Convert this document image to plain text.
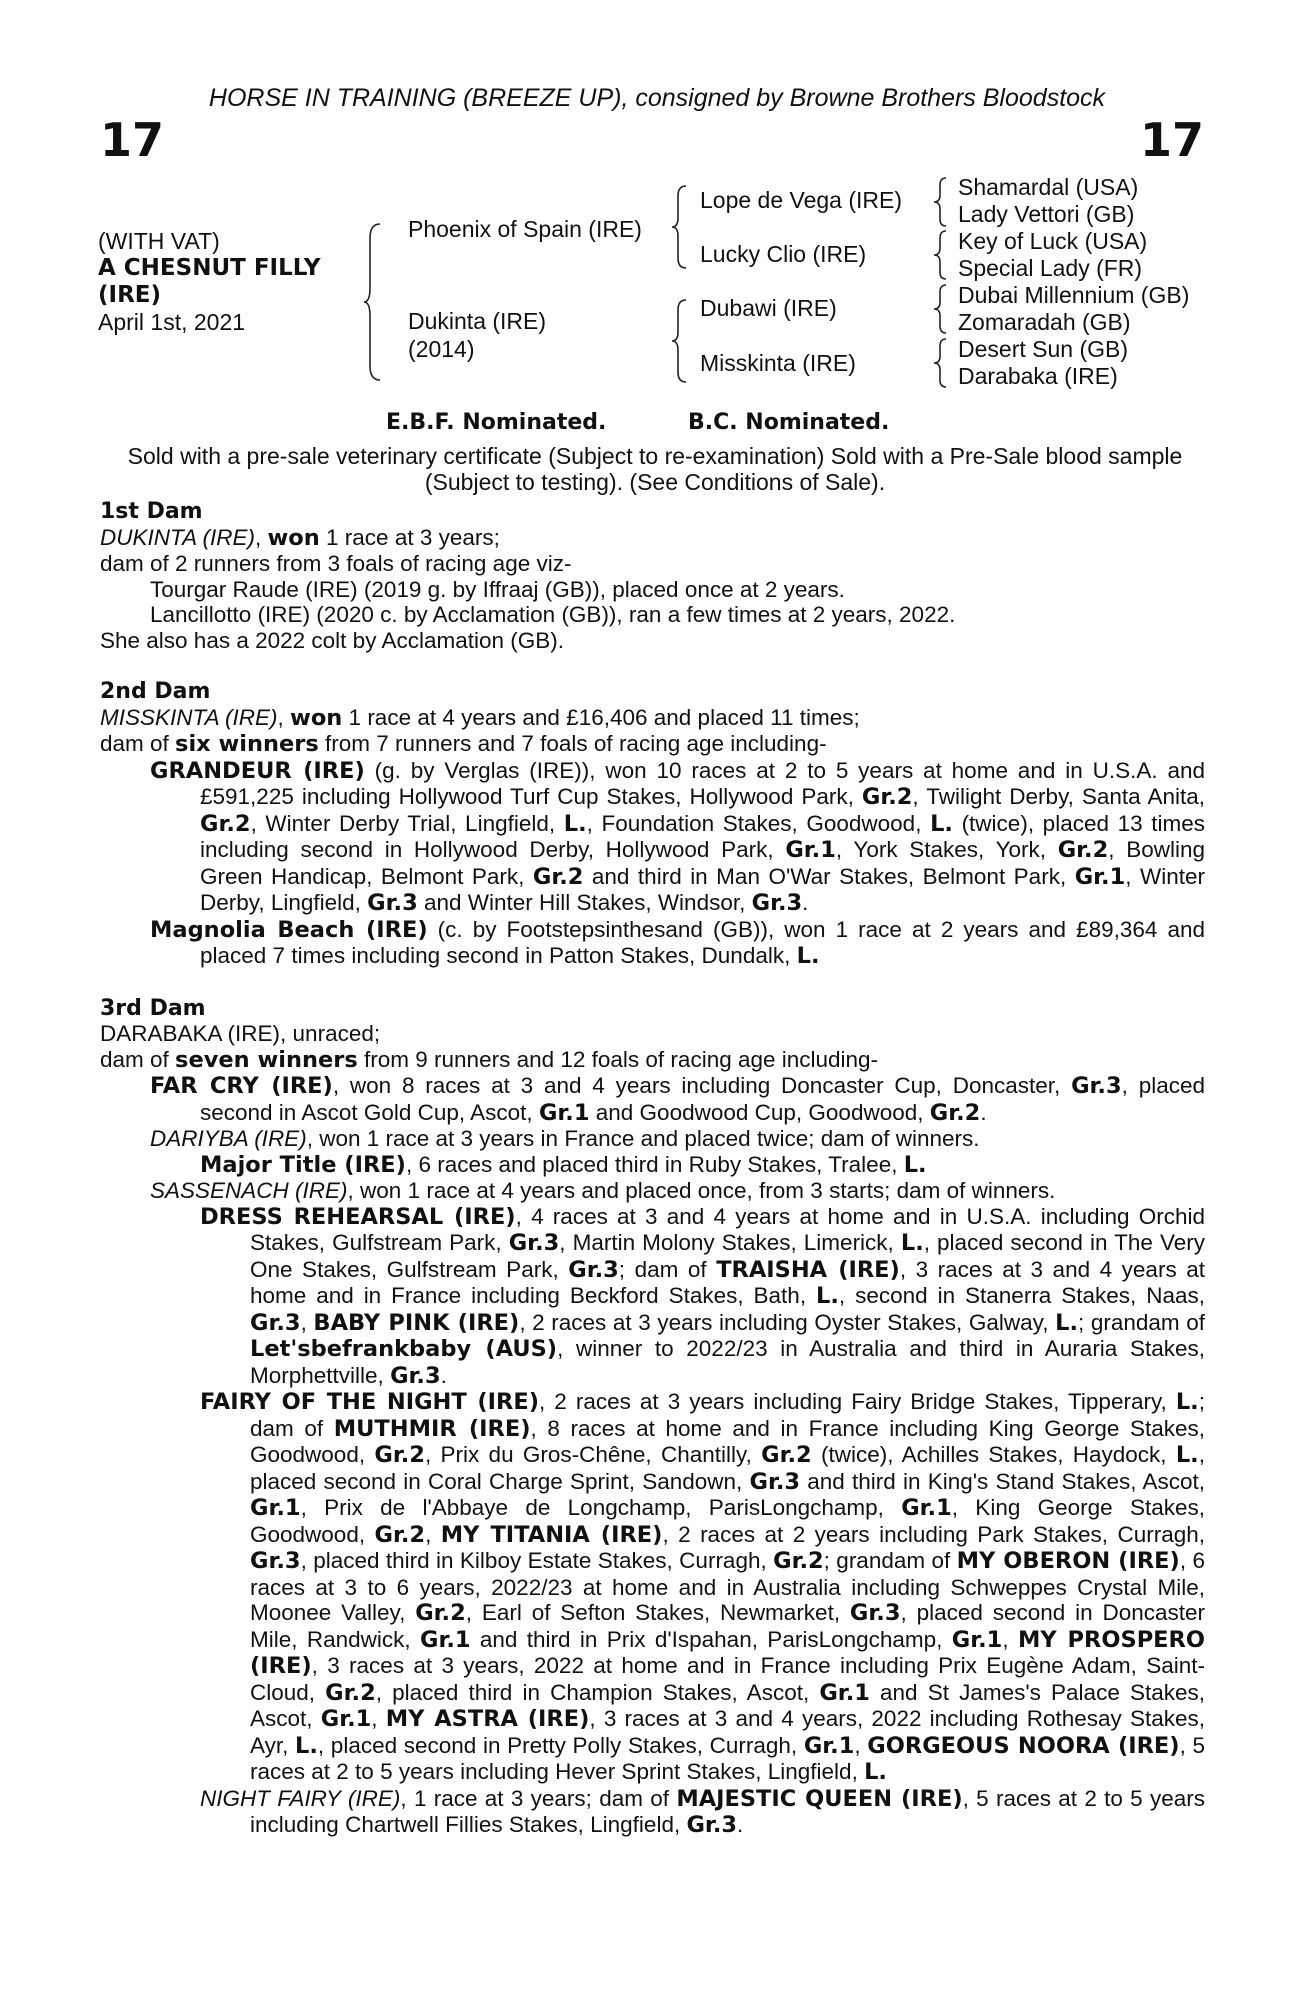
HORSE IN TRAINING (BREEZE UP), consigned by Browne Brothers Bloodstock
17	17
(WITH VAT)
A CHESNUT FILLY
(IRE)
April 1st, 2021
Phoenix of Spain (IRE)
Dukinta (IRE)
(2014)
Lope de Vega (IRE)
Lucky Clio (IRE)
Dubawi (IRE)
Misskinta (IRE)
Shamardal (USA)
Lady Vettori (GB)
Key of Luck (USA)
Special Lady (FR)
Dubai Millennium (GB)
Zomaradah (GB)
Desert Sun (GB)
Darabaka (IRE)
E.B.F. Nominated.	B.C. Nominated.
Sold with a pre-sale veterinary certificate (Subject to re-examination) Sold with a Pre-Sale blood sample (Subject to testing). (See Conditions of Sale).

1st Dam

DUKINTA (IRE), won 1 race at 3 years;

dam of 2 runners from 3 foals of racing age viz-

Tourgar Raude (IRE) (2019 g. by Iffraaj (GB)), placed once at 2 years.

Lancillotto (IRE) (2020 c. by Acclamation (GB)), ran a few times at 2 years, 2022.

She also has a 2022 colt by Acclamation (GB).

2nd Dam

MISSKINTA (IRE), won 1 race at 4 years and £16,406 and placed 11 times;

dam of six winners from 7 runners and 7 foals of racing age including-

GRANDEUR (IRE) (g. by Verglas (IRE)), won 10 races at 2 to 5 years at home and in U.S.A. and £591,225 including Hollywood Turf Cup Stakes, Hollywood Park, Gr.2, Twilight Derby, Santa Anita, Gr.2, Winter Derby Trial, Lingfield, L., Foundation Stakes, Goodwood, L. (twice), placed 13 times including second in Hollywood Derby, Hollywood Park, Gr.1, York Stakes, York, Gr.2, Bowling Green Handicap, Belmont Park, Gr.2 and third in Man O'War Stakes, Belmont Park, Gr.1, Winter Derby, Lingfield, Gr.3 and Winter Hill Stakes, Windsor, Gr.3.

Magnolia Beach (IRE) (c. by Footstepsinthesand (GB)), won 1 race at 2 years and £89,364 and placed 7 times including second in Patton Stakes, Dundalk, L.

3rd Dam

DARABAKA (IRE), unraced;

dam of seven winners from 9 runners and 12 foals of racing age including-

FAR CRY (IRE), won 8 races at 3 and 4 years including Doncaster Cup, Doncaster, Gr.3, placed second in Ascot Gold Cup, Ascot, Gr.1 and Goodwood Cup, Goodwood, Gr.2.

DARIYBA (IRE), won 1 race at 3 years in France and placed twice; dam of winners.

Major Title (IRE), 6 races and placed third in Ruby Stakes, Tralee, L.

SASSENACH (IRE), won 1 race at 4 years and placed once, from 3 starts; dam of winners.

DRESS REHEARSAL (IRE), 4 races at 3 and 4 years at home and in U.S.A. including Orchid Stakes, Gulfstream Park, Gr.3, Martin Molony Stakes, Limerick, L., placed second in The Very One Stakes, Gulfstream Park, Gr.3; dam of TRAISHA (IRE), 3 races at 3 and 4 years at home and in France including Beckford Stakes, Bath, L., second in Stanerra Stakes, Naas, Gr.3, BABY PINK (IRE), 2 races at 3 years including Oyster Stakes, Galway, L.; grandam of Let'sbefrankbaby (AUS), winner to 2022/23 in Australia and third in Auraria Stakes, Morphettville, Gr.3.

FAIRY OF THE NIGHT (IRE), 2 races at 3 years including Fairy Bridge Stakes, Tipperary, L.; dam of MUTHMIR (IRE), 8 races at home and in France including King George Stakes, Goodwood, Gr.2, Prix du Gros-Chêne, Chantilly, Gr.2 (twice), Achilles Stakes, Haydock, L., placed second in Coral Charge Sprint, Sandown, Gr.3 and third in King's Stand Stakes, Ascot, Gr.1, Prix de l'Abbaye de Longchamp, ParisLongchamp, Gr.1, King George Stakes, Goodwood, Gr.2, MY TITANIA (IRE), 2 races at 2 years including Park Stakes, Curragh, Gr.3, placed third in Kilboy Estate Stakes, Curragh, Gr.2; grandam of MY OBERON (IRE), 6 races at 3 to 6 years, 2022/23 at home and in Australia including Schweppes Crystal Mile, Moonee Valley, Gr.2, Earl of Sefton Stakes, Newmarket, Gr.3, placed second in Doncaster Mile, Randwick, Gr.1 and third in Prix d'Ispahan, ParisLongchamp, Gr.1, MY PROSPERO (IRE), 3 races at 3 years, 2022 at home and in France including Prix Eugène Adam, Saint-Cloud, Gr.2, placed third in Champion Stakes, Ascot, Gr.1 and St James's Palace Stakes, Ascot, Gr.1, MY ASTRA (IRE), 3 races at 3 and 4 years, 2022 including Rothesay Stakes, Ayr, L., placed second in Pretty Polly Stakes, Curragh, Gr.1, GORGEOUS NOORA (IRE), 5 races at 2 to 5 years including Hever Sprint Stakes, Lingfield, L.

NIGHT FAIRY (IRE), 1 race at 3 years; dam of MAJESTIC QUEEN (IRE), 5 races at 2 to 5 years including Chartwell Fillies Stakes, Lingfield, Gr.3.
